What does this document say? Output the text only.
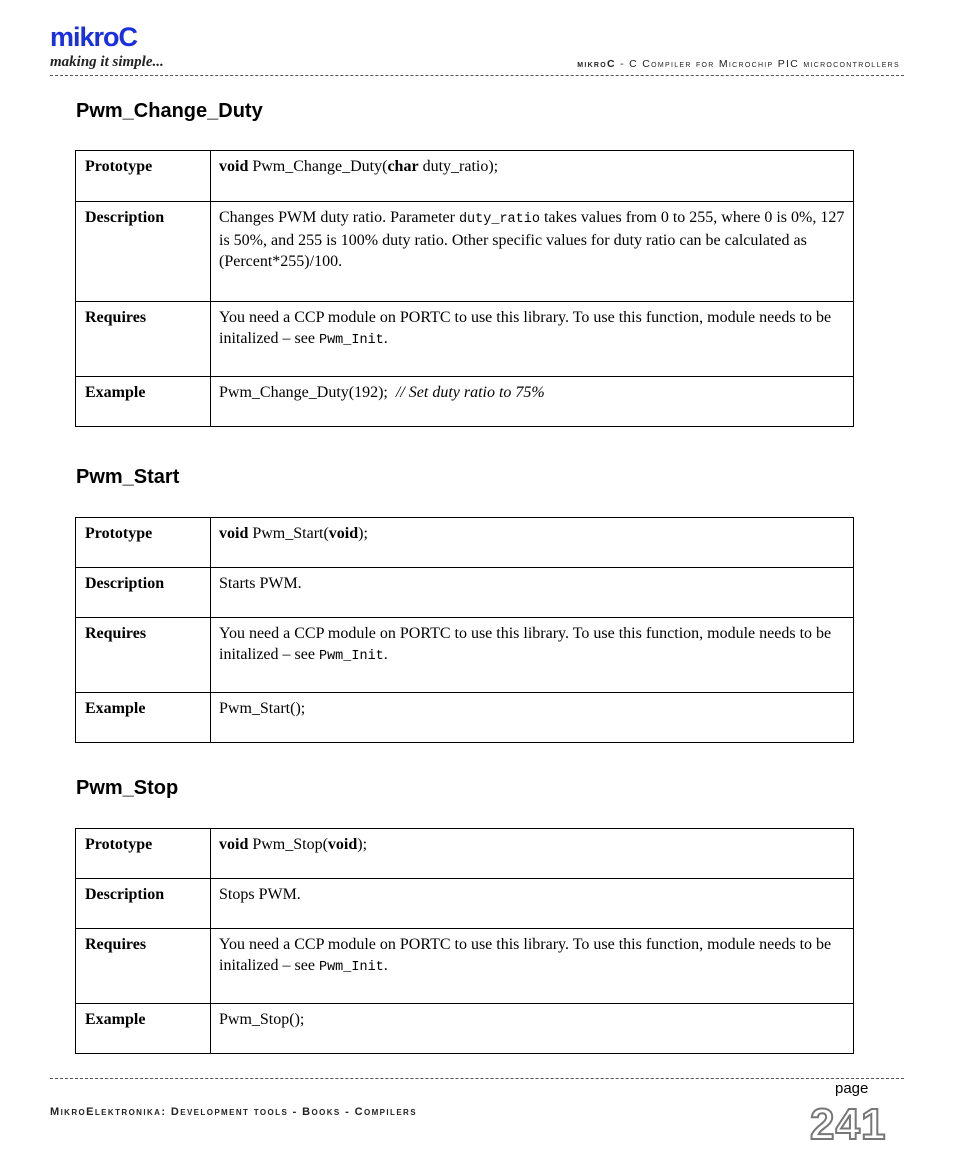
mikroC
making it simple...	mikroC - C Compiler for Microchip PIC microcontrollers
Pwm_Change_Duty
Prototype	void Pwm_Change_Duty(char duty_ratio);
Description	Changes PWM duty ratio. Parameter duty_ratio takes values from 0 to 255, where 0 is 0%, 127 is 50%, and 255 is 100% duty ratio. Other specific values for duty ratio can be calculated as (Percent*255)/100.
Requires	You need a CCP module on PORTC to use this library. To use this function, module needs to be initalized – see Pwm_Init.
Example	Pwm_Change_Duty(192);  // Set duty ratio to 75%
Pwm_Start
Prototype	void Pwm_Start(void);
Description	Starts PWM.
Requires	You need a CCP module on PORTC to use this library. To use this function, module needs to be initalized – see Pwm_Init.
Example	Pwm_Start();
Pwm_Stop
Prototype	void Pwm_Stop(void);
Description	Stops PWM.
Requires	You need a CCP module on PORTC to use this library. To use this function, module needs to be initalized – see Pwm_Init.
Example	Pwm_Stop();
MikroElektronika: Development tools - Books - Compilers
page
241
